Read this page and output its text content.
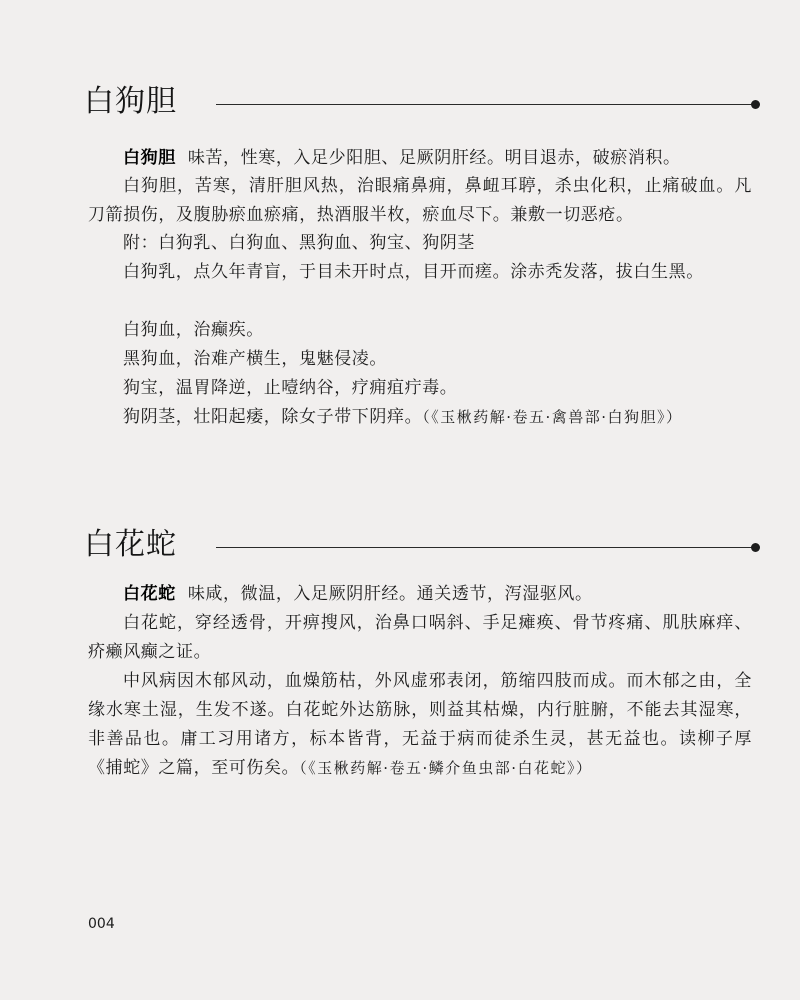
白狗胆

白狗胆 味苦，性寒，入足少阳胆、足厥阴肝经。明目退赤，破瘀消积。

白狗胆，苦寒，清肝胆风热，治眼痛鼻痈，鼻衄耳聤，杀虫化积，止痛破血。凡刀箭损伤，及腹胁瘀血瘀痛，热酒服半枚，瘀血尽下。兼敷一切恶疮。

附：白狗乳、白狗血、黑狗血、狗宝、狗阴茎

白狗乳，点久年青盲，于目未开时点，目开而瘥。涂赤秃发落，拔白生黑。

白狗血，治癫疾。

黑狗血，治难产横生，鬼魅侵凌。

狗宝，温胃降逆，止噎纳谷，疗痈疽疔毒。

狗阴茎，壮阳起痿，除女子带下阴痒。（《玉楸药解·卷五·禽兽部·白狗胆》）

白花蛇

白花蛇 味咸，微温，入足厥阴肝经。通关透节，泻湿驱风。

白花蛇，穿经透骨，开痹搜风，治鼻口㖞斜、手足瘫痪、骨节疼痛、肌肤麻痒、疥癞风癫之证。

中风病因木郁风动，血燥筋枯，外风虚邪表闭，筋缩四肢而成。而木郁之由，全缘水寒土湿，生发不遂。白花蛇外达筋脉，则益其枯燥，内行脏腑，不能去其湿寒，非善品也。庸工习用诸方，标本皆背，无益于病而徒杀生灵，甚无益也。读柳子厚《捕蛇》之篇，至可伤矣。（《玉楸药解·卷五·鳞介鱼虫部·白花蛇》）

004
